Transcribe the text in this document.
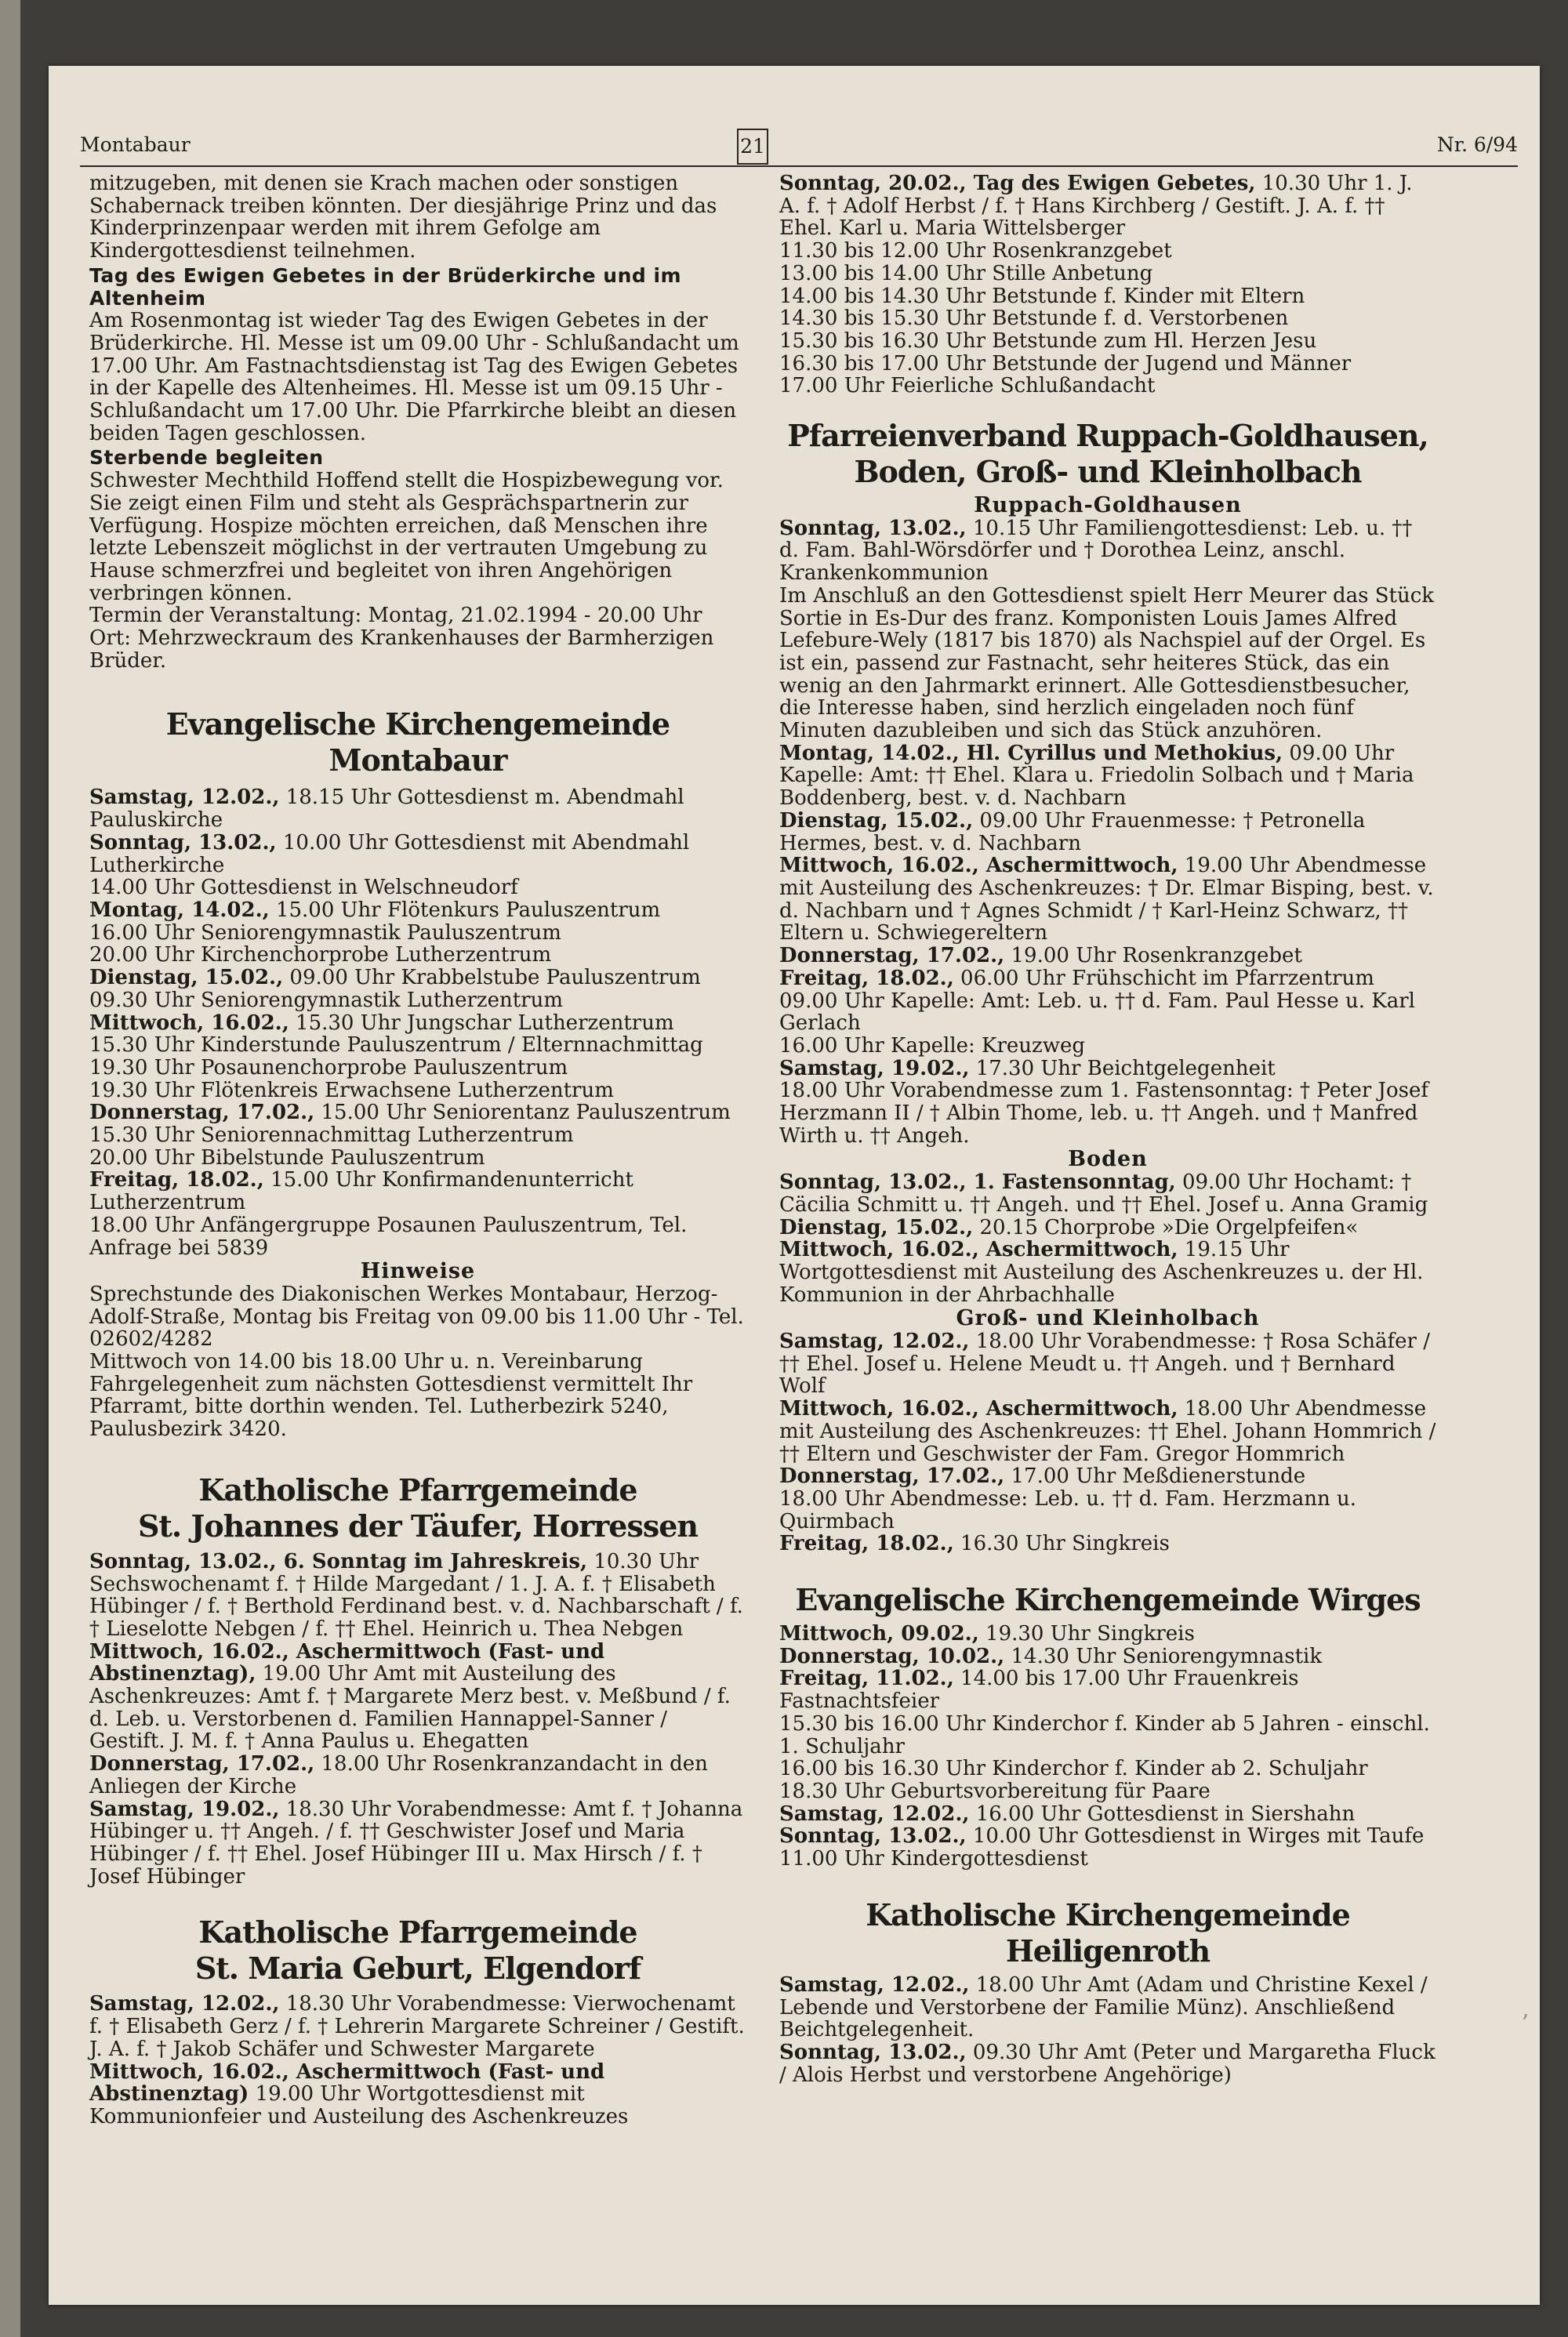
Montabaur	21	Nr. 6/94

mitzugeben, mit denen sie Krach machen oder sonstigen Schabernack treiben könnten. Der diesjährige Prinz und das Kinderprinzenpaar werden mit ihrem Gefolge am Kindergottesdienst teilnehmen.

Tag des Ewigen Gebetes in der Brüderkirche und im Altenheim

Am Rosenmontag ist wieder Tag des Ewigen Gebetes in der Brüderkirche. Hl. Messe ist um 09.00 Uhr - Schlußandacht um 17.00 Uhr. Am Fastnachtsdienstag ist Tag des Ewigen Gebetes in der Kapelle des Altenheimes. Hl. Messe ist um 09.15 Uhr - Schlußandacht um 17.00 Uhr. Die Pfarrkirche bleibt an diesen beiden Tagen geschlossen.

Sterbende begleiten

Schwester Mechthild Hoffend stellt die Hospizbewegung vor. Sie zeigt einen Film und steht als Gesprächspartnerin zur Verfügung. Hospize möchten erreichen, daß Menschen ihre letzte Lebenszeit möglichst in der vertrauten Umgebung zu Hause schmerzfrei und begleitet von ihren Angehörigen verbringen können.

Termin der Veranstaltung: Montag, 21.02.1994 - 20.00 Uhr

Ort: Mehrzweckraum des Krankenhauses der Barmherzigen Brüder.

Evangelische Kirchengemeinde Montabaur

Samstag, 12.02., 18.15 Uhr Gottesdienst m. Abendmahl Pauluskirche

Sonntag, 13.02., 10.00 Uhr Gottesdienst mit Abendmahl Lutherkirche

14.00 Uhr Gottesdienst in Welschneudorf

Montag, 14.02., 15.00 Uhr Flötenkurs Pauluszentrum

16.00 Uhr Seniorengymnastik Pauluszentrum

20.00 Uhr Kirchenchorprobe Lutherzentrum

Dienstag, 15.02., 09.00 Uhr Krabbelstube Pauluszentrum

09.30 Uhr Seniorengymnastik Lutherzentrum

Mittwoch, 16.02., 15.30 Uhr Jungschar Lutherzentrum

15.30 Uhr Kinderstunde Pauluszentrum / Elternnachmittag

19.30 Uhr Posaunenchorprobe Pauluszentrum

19.30 Uhr Flötenkreis Erwachsene Lutherzentrum

Donnerstag, 17.02., 15.00 Uhr Seniorentanz Pauluszentrum

15.30 Uhr Seniorennachmittag Lutherzentrum

20.00 Uhr Bibelstunde Pauluszentrum

Freitag, 18.02., 15.00 Uhr Konfirmandenunterricht Lutherzentrum

18.00 Uhr Anfängergruppe Posaunen Pauluszentrum, Tel. Anfrage bei 5839

Hinweise

Sprechstunde des Diakonischen Werkes Montabaur, Herzog-Adolf-Straße, Montag bis Freitag von 09.00 bis 11.00 Uhr - Tel. 02602/4282

Mittwoch von 14.00 bis 18.00 Uhr u. n. Vereinbarung

Fahrgelegenheit zum nächsten Gottesdienst vermittelt Ihr Pfarramt, bitte dorthin wenden. Tel. Lutherbezirk 5240, Paulusbezirk 3420.

Katholische Pfarrgemeinde
St. Johannes der Täufer, Horressen

Sonntag, 13.02., 6. Sonntag im Jahreskreis, 10.30 Uhr Sechswochenamt f. † Hilde Margedant / 1. J. A. f. † Elisabeth Hübinger / f. † Berthold Ferdinand best. v. d. Nachbarschaft / f. † Lieselotte Nebgen / f. †† Ehel. Heinrich u. Thea Nebgen

Mittwoch, 16.02., Aschermittwoch (Fast- und Abstinenztag), 19.00 Uhr Amt mit Austeilung des Aschenkreuzes: Amt f. † Margarete Merz best. v. Meßbund / f. d. Leb. u. Verstorbenen d. Familien Hannappel-Sanner / Gestift. J. M. f. † Anna Paulus u. Ehegatten

Donnerstag, 17.02., 18.00 Uhr Rosenkranzandacht in den Anliegen der Kirche

Samstag, 19.02., 18.30 Uhr Vorabendmesse: Amt f. † Johanna Hübinger u. †† Angeh. / f. †† Geschwister Josef und Maria Hübinger / f. †† Ehel. Josef Hübinger III u. Max Hirsch / f. † Josef Hübinger

Katholische Pfarrgemeinde
St. Maria Geburt, Elgendorf

Samstag, 12.02., 18.30 Uhr Vorabendmesse: Vierwochenamt f. † Elisabeth Gerz / f. † Lehrerin Margarete Schreiner / Gestift. J. A. f. † Jakob Schäfer und Schwester Margarete

Mittwoch, 16.02., Aschermittwoch (Fast- und Abstinenztag) 19.00 Uhr Wortgottesdienst mit Kommunionfeier und Austeilung des Aschenkreuzes

Sonntag, 20.02., Tag des Ewigen Gebetes, 10.30 Uhr 1. J. A. f. † Adolf Herbst / f. † Hans Kirchberg / Gestift. J. A. f. †† Ehel. Karl u. Maria Wittelsberger

11.30 bis 12.00 Uhr Rosenkranzgebet

13.00 bis 14.00 Uhr Stille Anbetung

14.00 bis 14.30 Uhr Betstunde f. Kinder mit Eltern

14.30 bis 15.30 Uhr Betstunde f. d. Verstorbenen

15.30 bis 16.30 Uhr Betstunde zum Hl. Herzen Jesu

16.30 bis 17.00 Uhr Betstunde der Jugend und Männer

17.00 Uhr Feierliche Schlußandacht

Pfarreienverband Ruppach-Goldhausen,
Boden, Groß- und Kleinholbach

Ruppach-Goldhausen

Sonntag, 13.02., 10.15 Uhr Familiengottesdienst: Leb. u. †† d. Fam. Bahl-Wörsdörfer und † Dorothea Leinz, anschl. Krankenkommunion

Im Anschluß an den Gottesdienst spielt Herr Meurer das Stück Sortie in Es-Dur des franz. Komponisten Louis James Alfred Lefebure-Wely (1817 bis 1870) als Nachspiel auf der Orgel. Es ist ein, passend zur Fastnacht, sehr heiteres Stück, das ein wenig an den Jahrmarkt erinnert. Alle Gottesdienstbesucher, die Interesse haben, sind herzlich eingeladen noch fünf Minuten dazubleiben und sich das Stück anzuhören.

Montag, 14.02., Hl. Cyrillus und Methokius, 09.00 Uhr Kapelle: Amt: †† Ehel. Klara u. Friedolin Solbach und † Maria Boddenberg, best. v. d. Nachbarn

Dienstag, 15.02., 09.00 Uhr Frauenmesse: † Petronella Hermes, best. v. d. Nachbarn

Mittwoch, 16.02., Aschermittwoch, 19.00 Uhr Abendmesse mit Austeilung des Aschenkreuzes: † Dr. Elmar Bisping, best. v. d. Nachbarn und † Agnes Schmidt / † Karl-Heinz Schwarz, †† Eltern u. Schwiegereltern

Donnerstag, 17.02., 19.00 Uhr Rosenkranzgebet

Freitag, 18.02., 06.00 Uhr Frühschicht im Pfarrzentrum

09.00 Uhr Kapelle: Amt: Leb. u. †† d. Fam. Paul Hesse u. Karl Gerlach

16.00 Uhr Kapelle: Kreuzweg

Samstag, 19.02., 17.30 Uhr Beichtgelegenheit

18.00 Uhr Vorabendmesse zum 1. Fastensonntag: † Peter Josef Herzmann II / † Albin Thome, leb. u. †† Angeh. und † Manfred Wirth u. †† Angeh.

Boden

Sonntag, 13.02., 1. Fastensonntag, 09.00 Uhr Hochamt: † Cäcilia Schmitt u. †† Angeh. und †† Ehel. Josef u. Anna Gramig

Dienstag, 15.02., 20.15 Chorprobe »Die Orgelpfeifen«

Mittwoch, 16.02., Aschermittwoch, 19.15 Uhr Wortgottesdienst mit Austeilung des Aschenkreuzes u. der Hl. Kommunion in der Ahrbachhalle

Groß- und Kleinholbach

Samstag, 12.02., 18.00 Uhr Vorabendmesse: † Rosa Schäfer / †† Ehel. Josef u. Helene Meudt u. †† Angeh. und † Bernhard Wolf

Mittwoch, 16.02., Aschermittwoch, 18.00 Uhr Abendmesse mit Austeilung des Aschenkreuzes: †† Ehel. Johann Hommrich / †† Eltern und Geschwister der Fam. Gregor Hommrich

Donnerstag, 17.02., 17.00 Uhr Meßdienerstunde

18.00 Uhr Abendmesse: Leb. u. †† d. Fam. Herzmann u. Quirmbach

Freitag, 18.02., 16.30 Uhr Singkreis

Evangelische Kirchengemeinde Wirges

Mittwoch, 09.02., 19.30 Uhr Singkreis

Donnerstag, 10.02., 14.30 Uhr Seniorengymnastik

Freitag, 11.02., 14.00 bis 17.00 Uhr Frauenkreis Fastnachtsfeier

15.30 bis 16.00 Uhr Kinderchor f. Kinder ab 5 Jahren - einschl. 1. Schuljahr

16.00 bis 16.30 Uhr Kinderchor f. Kinder ab 2. Schuljahr

18.30 Uhr Geburtsvorbereitung für Paare

Samstag, 12.02., 16.00 Uhr Gottesdienst in Siershahn

Sonntag, 13.02., 10.00 Uhr Gottesdienst in Wirges mit Taufe

11.00 Uhr Kindergottesdienst

Katholische Kirchengemeinde Heiligenroth

Samstag, 12.02., 18.00 Uhr Amt (Adam und Christine Kexel / Lebende und Verstorbene der Familie Münz). Anschließend Beichtgelegenheit.

Sonntag, 13.02., 09.30 Uhr Amt (Peter und Margaretha Fluck / Alois Herbst und verstorbene Angehörige)

’
